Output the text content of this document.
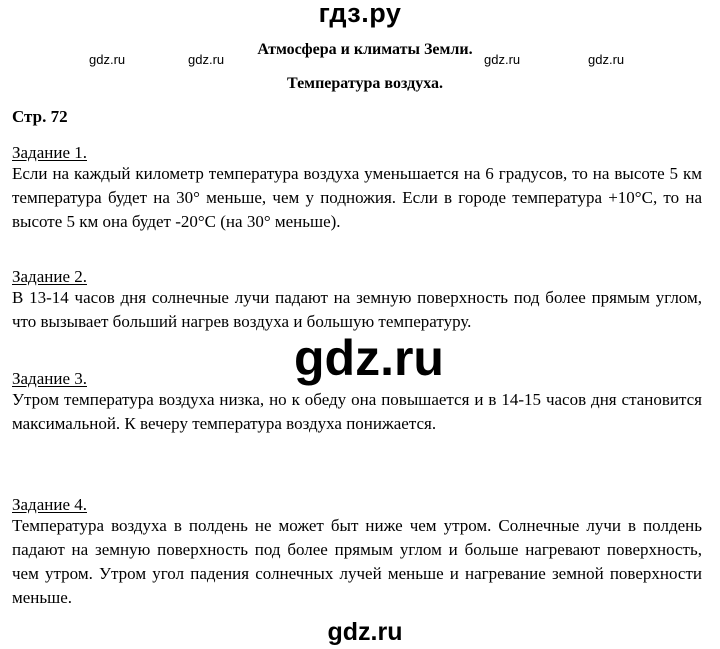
гдз.ру
gdz.ru	gdz.ru	gdz.ru	gdz.ru
Атмосфера и климаты Земли.
Температура воздуха.
Стр. 72
Задание 1.
Если на каждый километр температура воздуха уменьшается на 6 градусов, то на высоте 5 км температура будет на 30° меньше, чем у подножия. Если в городе температура +10°С, то на высоте 5 км она будет -20°С (на 30° меньше).
Задание 2.
В 13-14 часов дня солнечные лучи падают на земную поверхность под более прямым углом, что вызывает больший нагрев воздуха и большую температуру.
gdz.ru
Задание 3.
Утром температура воздуха низка, но к обеду она повышается и в 14-15 часов дня становится максимальной. К вечеру температура воздуха понижается.
Задание 4.
Температура воздуха в полдень не может быт ниже чем утром. Солнечные лучи в полдень падают на земную поверхность под более прямым углом и больше нагревают поверхность, чем утром. Утром угол падения солнечных лучей меньше и нагревание земной поверхности меньше.
gdz.ru
